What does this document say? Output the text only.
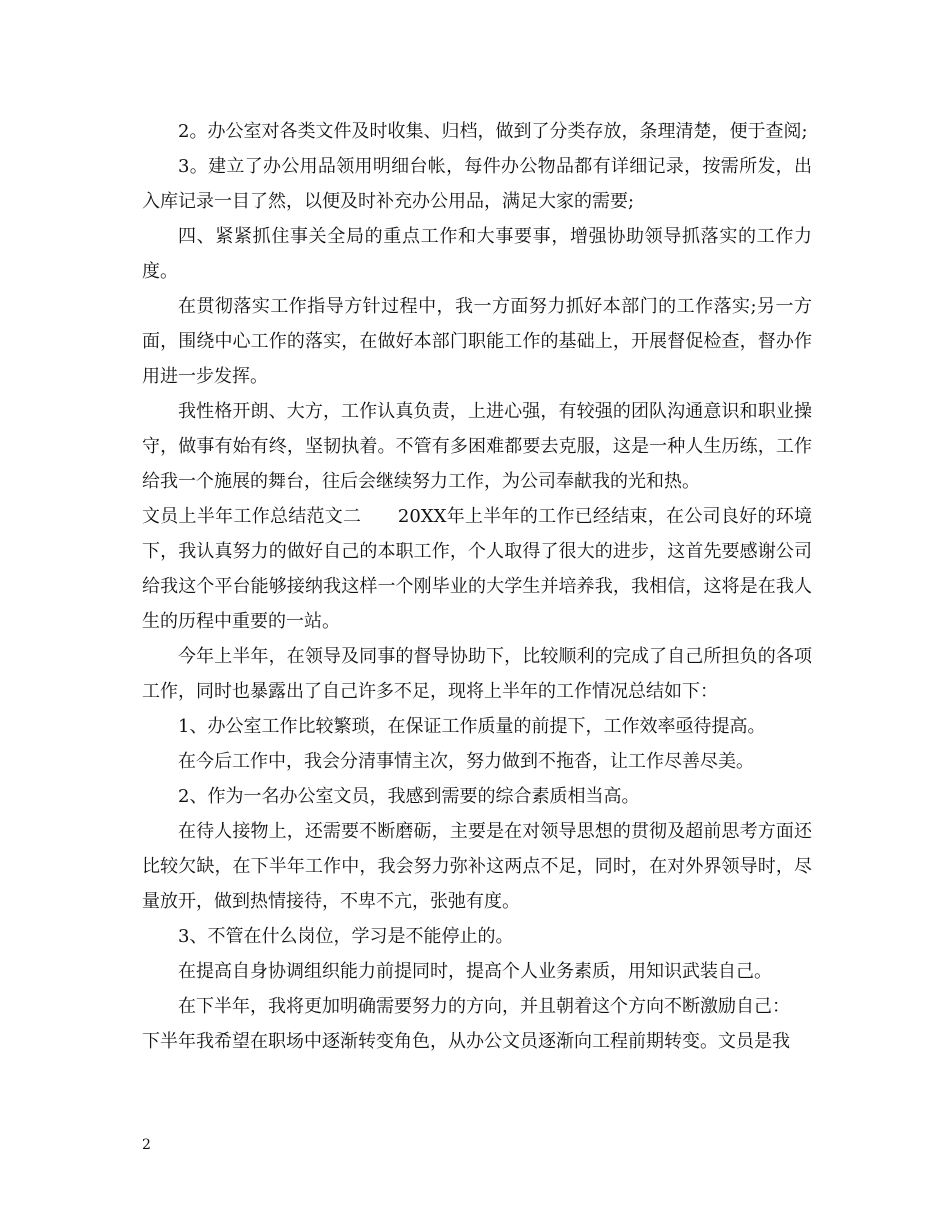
2。办公室对各类文件及时收集、归档，做到了分类存放，条理清楚，便于查阅;

3。建立了办公用品领用明细台帐，每件办公物品都有详细记录，按需所发，出入库记录一目了然，以便及时补充办公用品，满足大家的需要;

四、紧紧抓住事关全局的重点工作和大事要事，增强协助领导抓落实的工作力度。

在贯彻落实工作指导方针过程中，我一方面努力抓好本部门的工作落实;另一方面，围绕中心工作的落实，在做好本部门职能工作的基础上，开展督促检查，督办作用进一步发挥。

我性格开朗、大方，工作认真负责，上进心强，有较强的团队沟通意识和职业操守，做事有始有终，坚韧执着。不管有多困难都要去克服，这是一种人生历练，工作给我一个施展的舞台，往后会继续努力工作，为公司奉献我的光和热。

文员上半年工作总结范文二　　20XX年上半年的工作已经结束，在公司良好的环境下，我认真努力的做好自己的本职工作，个人取得了很大的进步，这首先要感谢公司给我这个平台能够接纳我这样一个刚毕业的大学生并培养我，我相信，这将是在我人生的历程中重要的一站。

今年上半年，在领导及同事的督导协助下，比较顺利的完成了自己所担负的各项工作，同时也暴露出了自己许多不足，现将上半年的工作情况总结如下：

1、办公室工作比较繁琐，在保证工作质量的前提下，工作效率亟待提高。

在今后工作中，我会分清事情主次，努力做到不拖沓，让工作尽善尽美。

2、作为一名办公室文员，我感到需要的综合素质相当高。

在待人接物上，还需要不断磨砺，主要是在对领导思想的贯彻及超前思考方面还比较欠缺，在下半年工作中，我会努力弥补这两点不足，同时，在对外界领导时，尽量放开，做到热情接待，不卑不亢，张弛有度。

3、不管在什么岗位，学习是不能停止的。

在提高自身协调组织能力前提同时，提高个人业务素质，用知识武装自己。

在下半年，我将更加明确需要努力的方向，并且朝着这个方向不断激励自己：

下半年我希望在职场中逐渐转变角色，从办公文员逐渐向工程前期转变。文员是我

2
